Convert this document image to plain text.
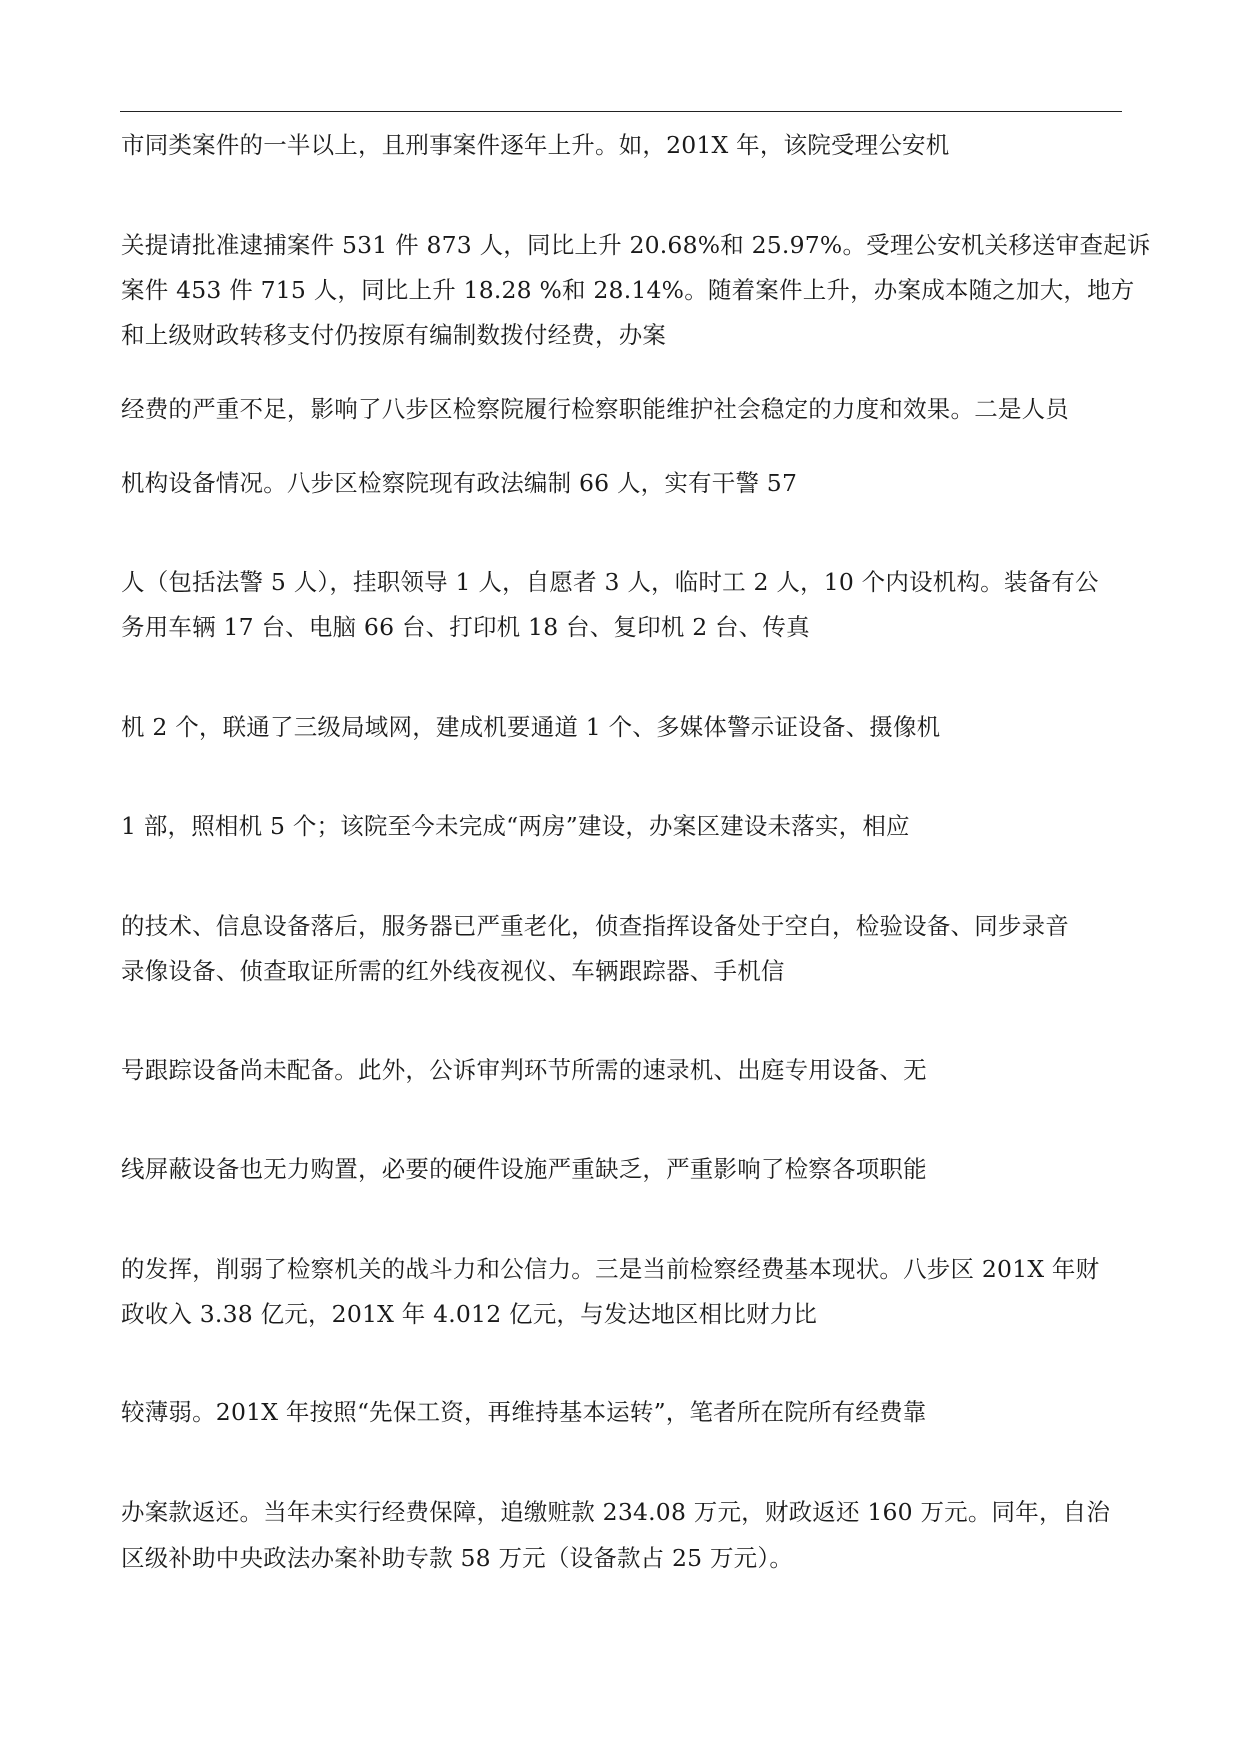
市同类案件的一半以上，且刑事案件逐年上升。如，201X 年，该院受理公安机

关提请批准逮捕案件 531 件 873 人，同比上升 20.68%和 25.97%。受理公安机关移送审查起诉

案件 453 件 715 人，同比上升 18.28 %和 28.14%。随着案件上升，办案成本随之加大，地方

和上级财政转移支付仍按原有编制数拨付经费，办案

经费的严重不足，影响了八步区检察院履行检察职能维护社会稳定的力度和效果。二是人员

机构设备情况。八步区检察院现有政法编制 66 人，实有干警 57

人（包括法警 5 人），挂职领导 1 人，自愿者 3 人，临时工 2 人，10 个内设机构。装备有公

务用车辆 17 台、电脑 66 台、打印机 18 台、复印机 2 台、传真

机 2 个，联通了三级局域网，建成机要通道 1 个、多媒体警示证设备、摄像机

1 部，照相机 5 个；该院至今未完成“两房”建设，办案区建设未落实，相应

的技术、信息设备落后，服务器已严重老化，侦查指挥设备处于空白，检验设备、同步录音

录像设备、侦查取证所需的红外线夜视仪、车辆跟踪器、手机信

号跟踪设备尚未配备。此外，公诉审判环节所需的速录机、出庭专用设备、无

线屏蔽设备也无力购置，必要的硬件设施严重缺乏，严重影响了检察各项职能

的发挥，削弱了检察机关的战斗力和公信力。三是当前检察经费基本现状。八步区 201X 年财

政收入 3.38 亿元，201X 年 4.012 亿元，与发达地区相比财力比

较薄弱。201X 年按照“先保工资，再维持基本运转”，笔者所在院所有经费靠

办案款返还。当年未实行经费保障，追缴赃款 234.08 万元，财政返还 160 万元。同年，自治

区级补助中央政法办案补助专款 58 万元（设备款占 25 万元）。
